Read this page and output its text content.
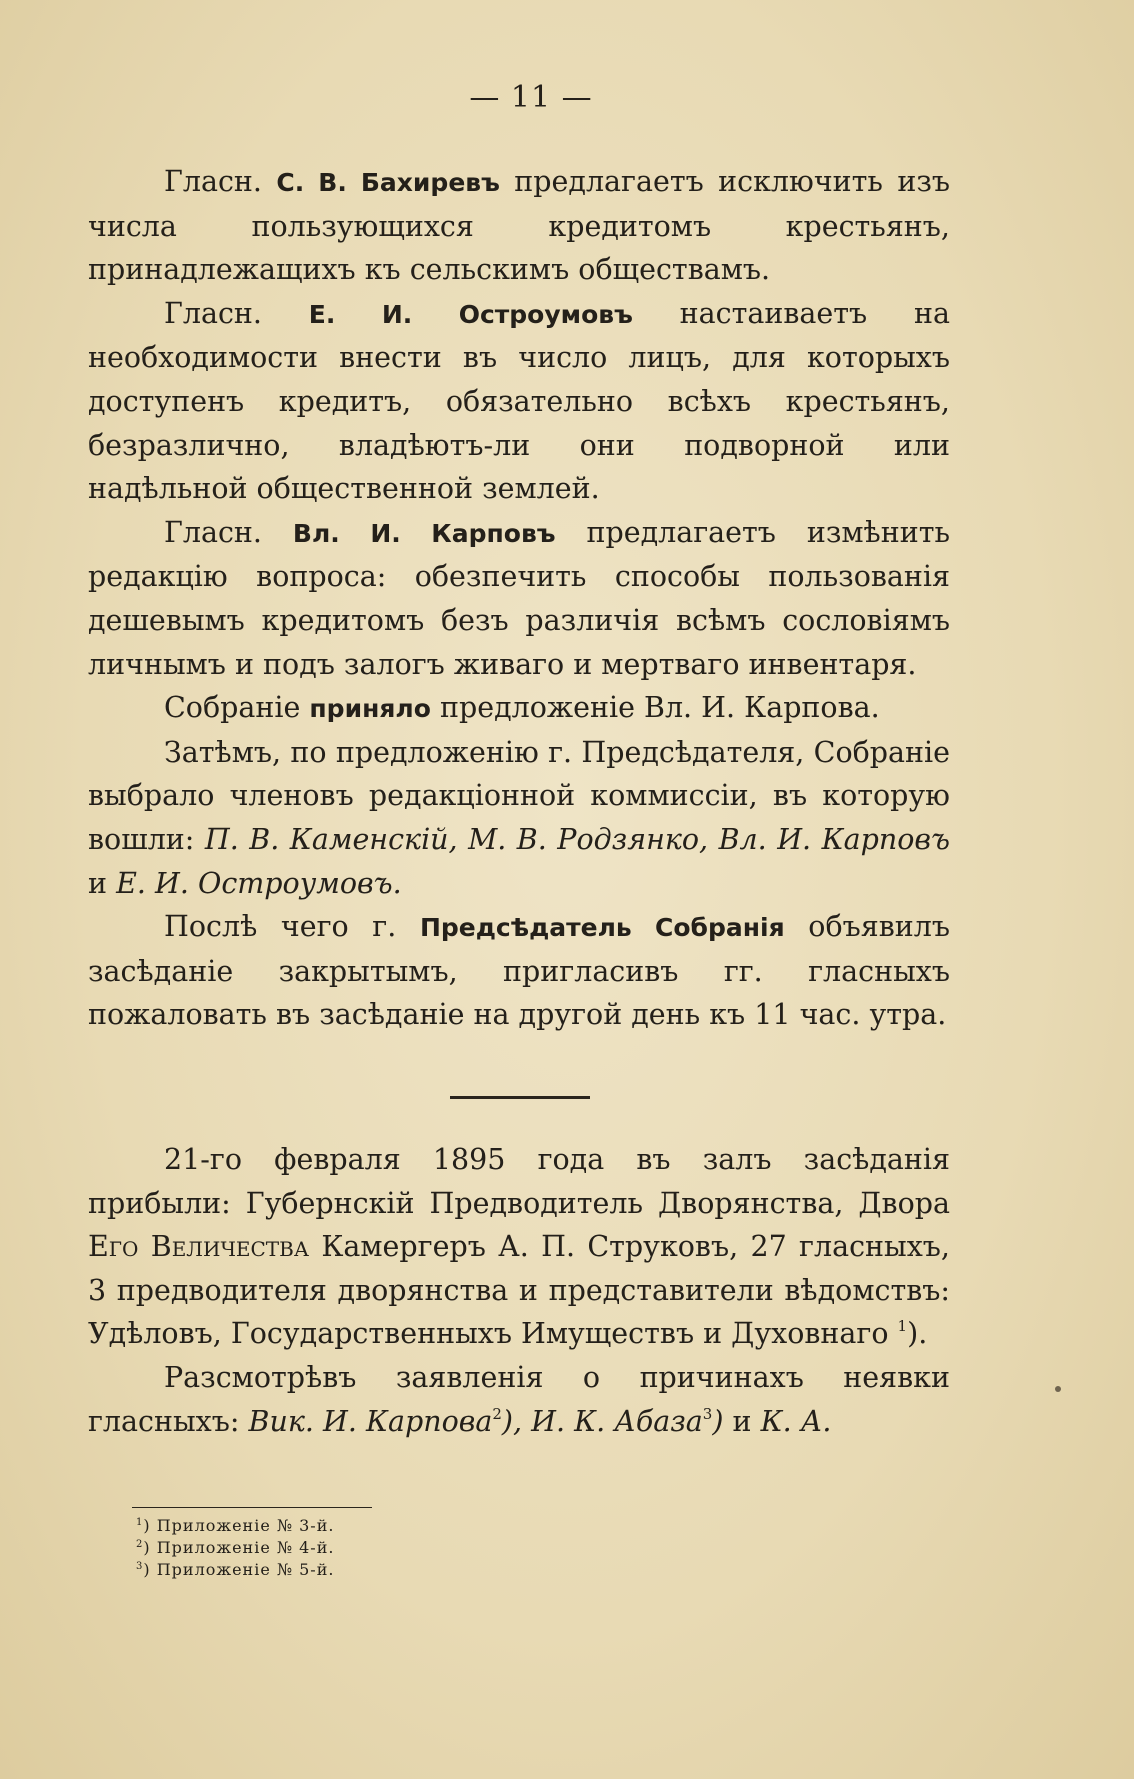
— 11 —

Гласн. С. В. Бахиревъ предлагаетъ исключить изъ числа пользующихся кредитомъ крестьянъ, принадлежащихъ къ сельскимъ обществамъ.

Гласн. Е. И. Остроумовъ настаиваетъ на необходимости внести въ число лицъ, для которыхъ доступенъ кредитъ, обязательно всѣхъ крестьянъ, безразлично, владѣютъ-ли они подворной или надѣльной общественной землей.

Гласн. Вл. И. Карповъ предлагаетъ измѣнить редакцію вопроса: обезпечить способы пользованія дешевымъ кредитомъ безъ различія всѣмъ сословіямъ личнымъ и подъ залогъ живаго и мертваго инвентаря.

Собраніе приняло предложеніе Вл. И. Карпова.

Затѣмъ, по предложенію г. Предсѣдателя, Собраніе выбрало членовъ редакціонной коммиссіи, въ которую вошли: П. В. Каменскій, М. В. Родзянко, Вл. И. Карповъ и Е. И. Остроумовъ.

Послѣ чего г. Предсѣдатель Собранія объявилъ засѣданіе закрытымъ, пригласивъ гг. гласныхъ пожаловать въ засѣданіе на другой день къ 11 час. утра.

21-го февраля 1895 года въ залъ засѣданія прибыли: Губернскій Предводитель Дворянства, Двора Его Величества Камергеръ А. П. Струковъ, 27 гласныхъ, 3 предводителя дворянства и представители вѣдомствъ: Удѣловъ, Государственныхъ Имуществъ и Духовнаго $^1$).

Разсмотрѣвъ заявленія о причинахъ неявки гласныхъ: Вик. И. Карпова$^2$), И. К. Абаза$^3$) и К. А.

$^1$) Приложеніе № 3-й.
$^2$) Приложеніе № 4-й.
$^3$) Приложеніе № 5-й.
